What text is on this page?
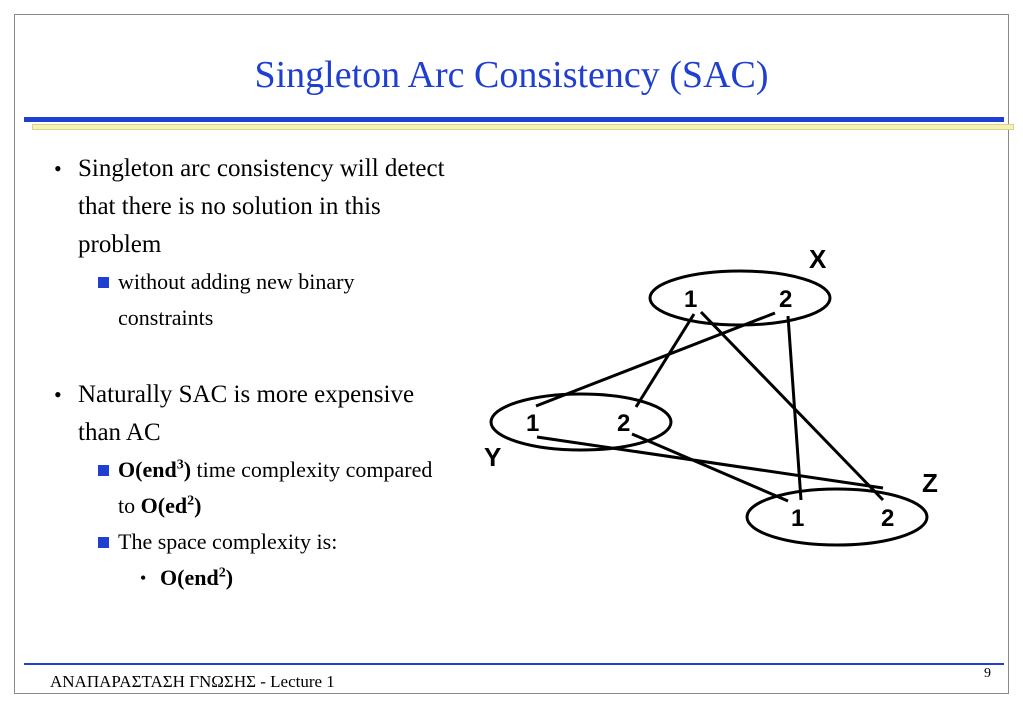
Singleton Arc Consistency (SAC)
• Singleton arc consistency will detect that there is no solution in this problem
without adding new binary constraints
• Naturally SAC is more expensive than AC
O(end$^3$) time complexity compared to $O(ed^2)$
The space complexity is:
• O(end$^2$)
X
1	2
Y
1	2
Z
1	2
ΑΝΑΠΑΡΑΣΤΑΣΗ ΓΝΩΣΗΣ - Lecture 1	9
